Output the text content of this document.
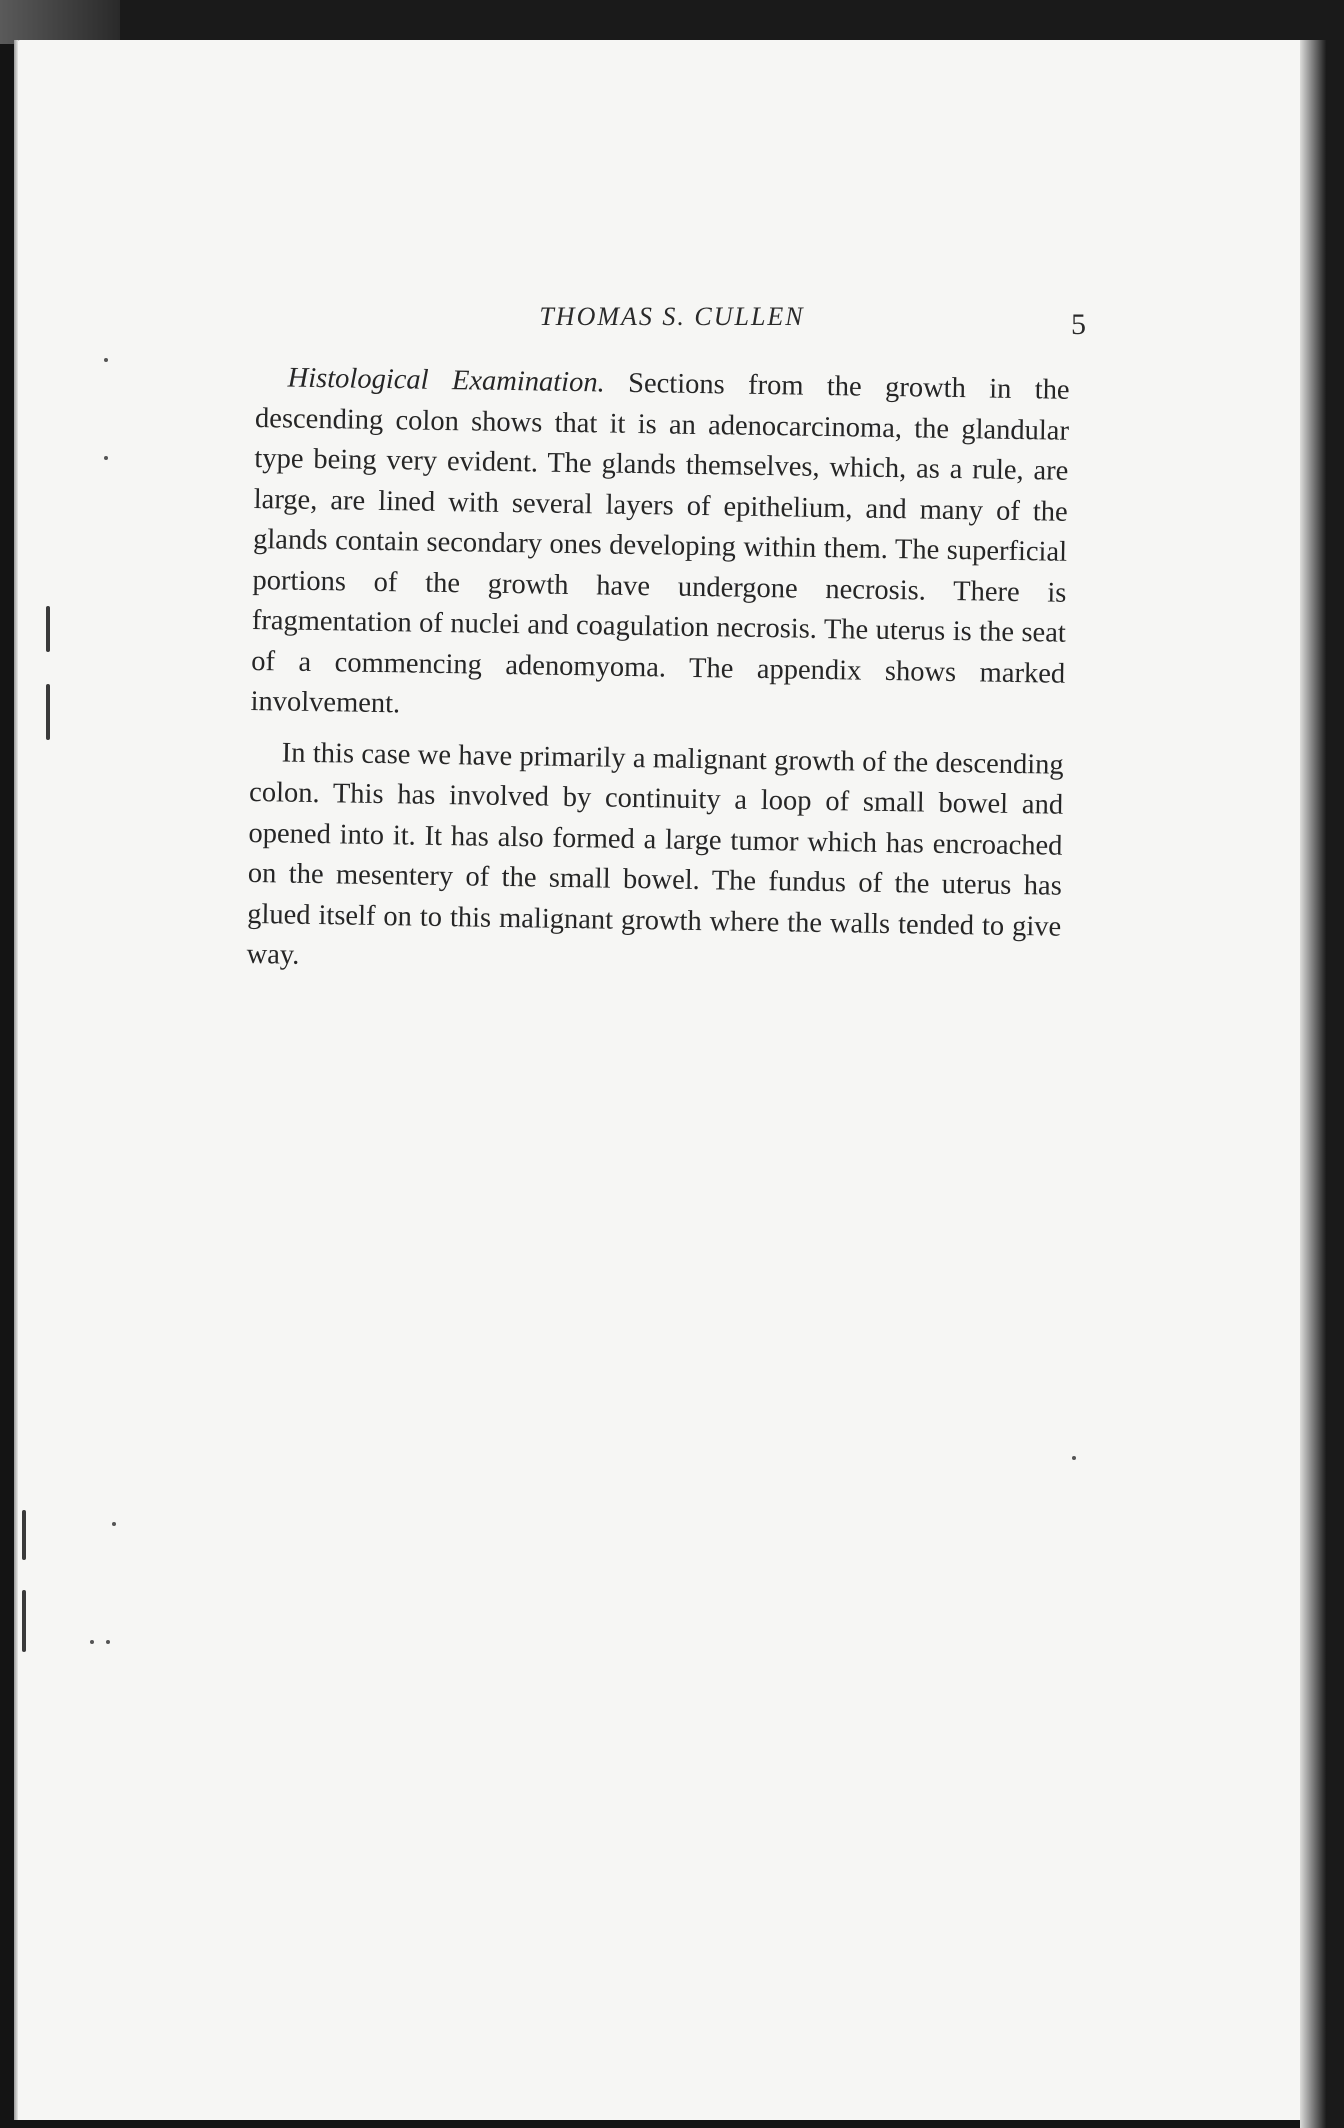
THOMAS S. CULLEN	5

Histological Examination. Sections from the growth in the descending colon shows that it is an adenocarcinoma, the glandular type being very evident. The glands themselves, which, as a rule, are large, are lined with several layers of epithelium, and many of the glands contain secondary ones developing within them. The superficial portions of the growth have undergone necrosis. There is fragmentation of nuclei and coagulation necrosis. The uterus is the seat of a commencing adenomyoma. The appendix shows marked involvement.

In this case we have primarily a malignant growth of the descending colon. This has involved by continuity a loop of small bowel and opened into it. It has also formed a large tumor which has encroached on the mesentery of the small bowel. The fundus of the uterus has glued itself on to this malignant growth where the walls tended to give way.
